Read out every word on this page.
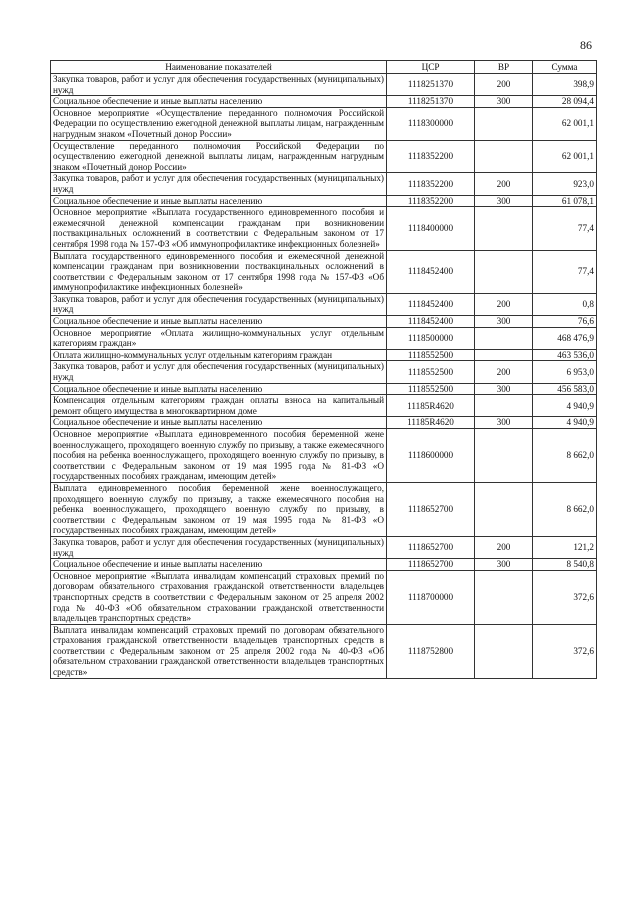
86
Наименование показателей	ЦСР	ВР	Сумма
Закупка товаров, работ и услуг для обеспечения государственных (муниципальных) нужд	1118251370	200	398,9
Социальное обеспечение и иные выплаты населению	1118251370	300	28 094,4
Основное мероприятие «Осуществление переданного полномочия Российской Федерации по осуществлению ежегодной денежной выплаты лицам, награжденным нагрудным знаком «Почетный донор России»	1118300000		62 001,1
Осуществление переданного полномочия Российской Федерации по осуществлению ежегодной денежной выплаты лицам, награжденным нагрудным знаком «Почетный донор России»	1118352200		62 001,1
Закупка товаров, работ и услуг для обеспечения государственных (муниципальных) нужд	1118352200	200	923,0
Социальное обеспечение и иные выплаты населению	1118352200	300	61 078,1
Основное мероприятие «Выплата государственного единовременного пособия и ежемесячной денежной компенсации гражданам при возникновении поствакцинальных осложнений в соответствии с Федеральным законом от 17 сентября 1998 года № 157-ФЗ «Об иммунопрофилактике инфекционных болезней»	1118400000		77,4
Выплата государственного единовременного пособия и ежемесячной денежной компенсации гражданам при возникновении поствакцинальных осложнений в соответствии с Федеральным законом от 17 сентября 1998 года № 157-ФЗ «Об иммунопрофилактике инфекционных болезней»	1118452400		77,4
Закупка товаров, работ и услуг для обеспечения государственных (муниципальных) нужд	1118452400	200	0,8
Социальное обеспечение и иные выплаты населению	1118452400	300	76,6
Основное мероприятие «Оплата жилищно-коммунальных услуг отдельным категориям граждан»	1118500000		468 476,9
Оплата жилищно-коммунальных услуг отдельным категориям граждан	1118552500		463 536,0
Закупка товаров, работ и услуг для обеспечения государственных (муниципальных) нужд	1118552500	200	6 953,0
Социальное обеспечение и иные выплаты населению	1118552500	300	456 583,0
Компенсация отдельным категориям граждан оплаты взноса на капитальный ремонт общего имущества в многоквартирном доме	11185R4620		4 940,9
Социальное обеспечение и иные выплаты населению	11185R4620	300	4 940,9
Основное мероприятие «Выплата единовременного пособия беременной жене военнослужащего, проходящего военную службу по призыву, а также ежемесячного пособия на ребенка военнослужащего, проходящего военную службу по призыву, в соответствии с Федеральным законом от 19 мая 1995 года № 81-ФЗ «О государственных пособиях гражданам, имеющим детей»	1118600000		8 662,0
Выплата единовременного пособия беременной жене военнослужащего, проходящего военную службу по призыву, а также ежемесячного пособия на ребенка военнослужащего, проходящего военную службу по призыву, в соответствии с Федеральным законом от 19 мая 1995 года № 81-ФЗ «О государственных пособиях гражданам, имеющим детей»	1118652700		8 662,0
Закупка товаров, работ и услуг для обеспечения государственных (муниципальных) нужд	1118652700	200	121,2
Социальное обеспечение и иные выплаты населению	1118652700	300	8 540,8
Основное мероприятие «Выплата инвалидам компенсаций страховых премий по договорам обязательного страхования гражданской ответственности владельцев транспортных средств в соответствии с Федеральным законом от 25 апреля 2002 года № 40-ФЗ «Об обязательном страховании гражданской ответственности владельцев транспортных средств»	1118700000		372,6
Выплата инвалидам компенсаций страховых премий по договорам обязательного страхования гражданской ответственности владельцев транспортных средств в соответствии с Федеральным законом от 25 апреля 2002 года № 40-ФЗ «Об обязательном страховании гражданской ответственности владельцев транспортных средств»	1118752800		372,6
